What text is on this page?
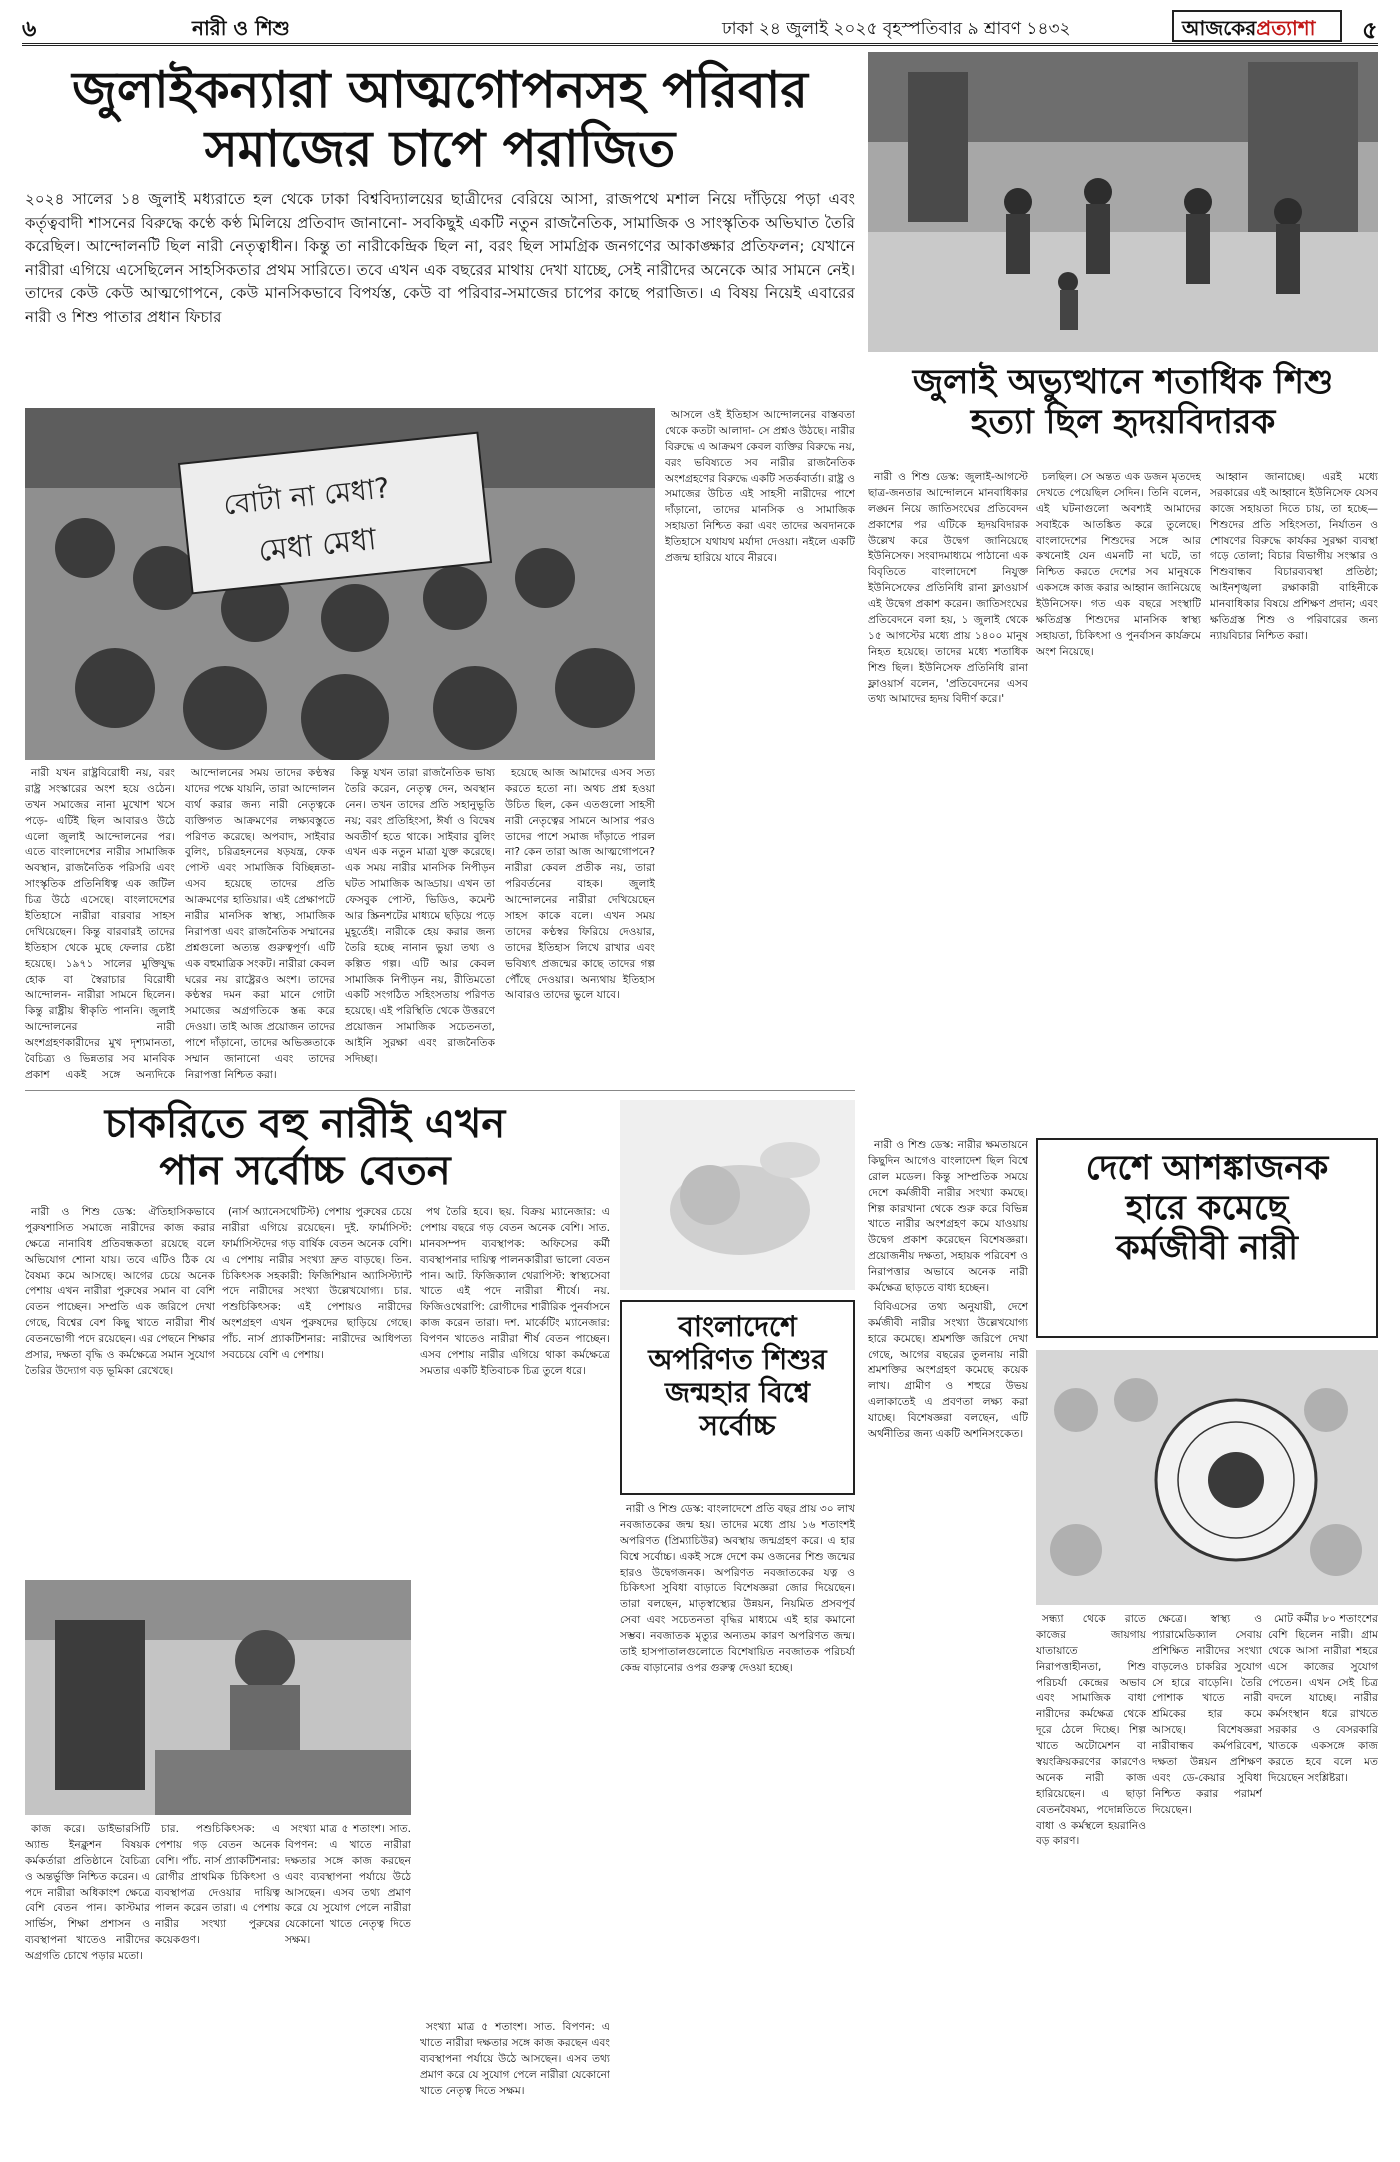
৬	নারী ও শিশু	ঢাকা ২৪ জুলাই ২০২৫ বৃহস্পতিবার ৯ শ্রাবণ ১৪৩২	আজকেরপ্রত্যাশা	৫
জুলাইকন্যারা আত্মগোপনসহ পরিবার
সমাজের চাপে পরাজিত
২০২৪ সালের ১৪ জুলাই মধ্যরাতে হল থেকে ঢাকা বিশ্ববিদ্যালয়ের ছাত্রীদের বেরিয়ে আসা, রাজপথে মশাল নিয়ে দাঁড়িয়ে পড়া এবং কর্তৃত্ববাদী শাসনের বিরুদ্ধে কণ্ঠে কণ্ঠ মিলিয়ে প্রতিবাদ জানানো- সবকিছুই একটি নতুন রাজনৈতিক, সামাজিক ও সাংস্কৃতিক অভিঘাত তৈরি করেছিল। আন্দোলনটি ছিল নারী নেতৃত্বাধীন। কিন্তু তা নারীকেন্দ্রিক ছিল না, বরং ছিল সামগ্রিক জনগণের আকাঙ্ক্ষার প্রতিফলন; যেখানে নারীরা এগিয়ে এসেছিলেন সাহসিকতার প্রথম সারিতে। তবে এখন এক বছরের মাথায় দেখা যাচ্ছে, সেই নারীদের অনেকে আর সামনে নেই। তাদের কেউ কেউ আত্মগোপনে, কেউ মানসিকভাবে বিপর্যস্ত, কেউ বা পরিবার-সমাজের চাপের কাছে পরাজিত। এ বিষয় নিয়েই এবারের নারী ও শিশু পাতার প্রধান ফিচার
জুলাই অভ্যুত্থানে শতাধিক শিশু
হত্যা ছিল হৃদয়বিদারক
বোটা না মেধা?
মেধা মেধা

আসলে ওই ইতিহাস আন্দোলনের বাস্তবতা থেকে কতটা আলাদা- সে প্রশ্নও উঠছে। নারীর বিরুদ্ধে এ আক্রমণ কেবল ব্যক্তির বিরুদ্ধে নয়, বরং ভবিষ্যতে সব নারীর রাজনৈতিক অংশগ্রহণের বিরুদ্ধে একটি সতর্কবার্তা। রাষ্ট্র ও সমাজের উচিত এই সাহসী নারীদের পাশে দাঁড়ানো, তাদের মানসিক ও সামাজিক সহায়তা নিশ্চিত করা এবং তাদের অবদানকে ইতিহাসে যথাযথ মর্যাদা দেওয়া। নইলে একটি প্রজন্ম হারিয়ে যাবে নীরবে।

নারী যখন রাষ্ট্রবিরোধী নয়, বরং রাষ্ট্র সংস্কারের অংশ হয়ে ওঠেন। তখন সমাজের নানা মুখোশ খসে পড়ে- এটিই ছিল আবারও উঠে এলো জুলাই আন্দোলনের পর। এতে বাংলাদেশের নারীর সামাজিক অবস্থান, রাজনৈতিক পরিসরি এবং সাংস্কৃতিক প্রতিনিধিত্ব এক জটিল চিত্র উঠে এসেছে। বাংলাদেশের ইতিহাসে নারীরা বারবার সাহস দেখিয়েছেন। কিন্তু বারবারই তাদের ইতিহাস থেকে মুছে ফেলার চেষ্টা হয়েছে। ১৯৭১ সালের মুক্তিযুদ্ধ হোক বা স্বৈরাচার বিরোধী আন্দোলন- নারীরা সামনে ছিলেন। কিন্তু রাষ্ট্রীয় স্বীকৃতি পাননি। জুলাই আন্দোলনের নারী অংশগ্রহণকারীদের মুখ দৃশ্যমানতা, বৈচিত্র্য ও ভিন্নতার সব মানবিক প্রকাশ একই সঙ্গে অন্যদিকে

আন্দোলনের সময় তাদের কণ্ঠস্বর যাদের পক্ষে যায়নি, তারা আন্দোলন ব্যর্থ করার জন্য নারী নেতৃত্বকে ব্যক্তিগত আক্রমণের লক্ষ্যবস্তুতে পরিণত করেছে। অপবাদ, সাইবার বুলিং, চরিত্রহননের ষড়যন্ত্র, ফেক পোস্ট এবং সামাজিক বিচ্ছিন্নতা- এসব হয়েছে তাদের প্রতি আক্রমণের হাতিয়ার। এই প্রেক্ষাপটে নারীর মানসিক স্বাস্থ্য, সামাজিক নিরাপত্তা এবং রাজনৈতিক সম্মানের প্রশ্নগুলো অত্যন্ত গুরুত্বপূর্ণ। এটি এক বহুমাত্রিক সংকট। নারীরা কেবল ঘরের নয় রাষ্ট্রেরও অংশ। তাদের কণ্ঠস্বর দমন করা মানে গোটা সমাজের অগ্রগতিকে স্তব্ধ করে দেওয়া। তাই আজ প্রয়োজন তাদের পাশে দাঁড়ানো, তাদের অভিজ্ঞতাকে সম্মান জানানো এবং তাদের নিরাপত্তা নিশ্চিত করা।

কিন্তু যখন তারা রাজনৈতিক ভাষ্য তৈরি করেন, নেতৃত্ব দেন, অবস্থান নেন। তখন তাদের প্রতি সহানুভূতি নয়; বরং প্রতিহিংসা, ঈর্ষা ও বিদ্বেষ অবতীর্ণ হতে থাকে। সাইবার বুলিং এখন এক নতুন মাত্রা যুক্ত করেছে। এক সময় নারীর মানসিক নিপীড়ন ঘটত সামাজিক আড্ডায়। এখন তা ফেসবুক পোস্ট, ভিডিও, কমেন্ট আর স্ক্রিনশটের মাধ্যমে ছড়িয়ে পড়ে মুহূর্তেই। নারীকে হেয় করার জন্য তৈরি হচ্ছে নানান ভুয়া তথ্য ও কল্পিত গল্প। এটি আর কেবল সামাজিক নিপীড়ন নয়, রীতিমতো একটি সংগঠিত সহিংসতায় পরিণত হয়েছে। এই পরিস্থিতি থেকে উত্তরণে প্রয়োজন সামাজিক সচেতনতা, আইনি সুরক্ষা এবং রাজনৈতিক সদিচ্ছা।

হয়েছে আজ আমাদের এসব সত্য করতে হতো না। অথচ প্রশ্ন হওয়া উচিত ছিল, কেন এতগুলো সাহসী নারী নেতৃত্বের সামনে আসার পরও তাদের পাশে সমাজ দাঁড়াতে পারল না? কেন তারা আজ আত্মগোপনে? নারীরা কেবল প্রতীক নয়, তারা পরিবর্তনের বাহক। জুলাই আন্দোলনের নারীরা দেখিয়েছেন সাহস কাকে বলে। এখন সময় তাদের কণ্ঠস্বর ফিরিয়ে দেওয়ার, তাদের ইতিহাস লিখে রাখার এবং ভবিষ্যৎ প্রজন্মের কাছে তাদের গল্প পৌঁছে দেওয়ার। অন্যথায় ইতিহাস আবারও তাদের ভুলে যাবে।

নারী ও শিশু ডেস্ক: জুলাই-আগস্টে ছাত্র-জনতার আন্দোলনে মানবাধিকার লঙ্ঘন নিয়ে জাতিসংঘের প্রতিবেদন প্রকাশের পর এটিকে হৃদয়বিদারক উল্লেখ করে উদ্বেগ জানিয়েছে ইউনিসেফ। সংবাদমাধ্যমে পাঠানো এক বিবৃতিতে বাংলাদেশে নিযুক্ত ইউনিসেফের প্রতিনিধি রানা ফ্লাওয়ার্স এই উদ্বেগ প্রকাশ করেন। জাতিসংঘের প্রতিবেদনে বলা হয়, ১ জুলাই থেকে ১৫ আগস্টের মধ্যে প্রায় ১৪০০ মানুষ নিহত হয়েছে। তাদের মধ্যে শতাধিক শিশু ছিল। ইউনিসেফ প্রতিনিধি রানা ফ্লাওয়ার্স বলেন, 'প্রতিবেদনের এসব তথ্য আমাদের হৃদয় বিদীর্ণ করে।'

চলছিল। সে অন্তত এক ডজন মৃতদেহ দেখতে পেয়েছিল সেদিন। তিনি বলেন, এই ঘটনাগুলো অবশ্যই আমাদের সবাইকে আতঙ্কিত করে তুলেছে। বাংলাদেশের শিশুদের সঙ্গে আর কখনোই যেন এমনটি না ঘটে, তা নিশ্চিত করতে দেশের সব মানুষকে একসঙ্গে কাজ করার আহ্বান জানিয়েছে ইউনিসেফ। গত এক বছরে সংস্থাটি ক্ষতিগ্রস্ত শিশুদের মানসিক স্বাস্থ্য সহায়তা, চিকিৎসা ও পুনর্বাসন কার্যক্রমে অংশ নিয়েছে।

আহ্বান জানাচ্ছে। এরই মধ্যে সরকারের এই আহ্বানে ইউনিসেফ যেসব কাজে সহায়তা দিতে চায়, তা হচ্ছে— শিশুদের প্রতি সহিংসতা, নির্যাতন ও শোষণের বিরুদ্ধে কার্যকর সুরক্ষা ব্যবস্থা গড়ে তোলা; বিচার বিভাগীয় সংস্কার ও শিশুবান্ধব বিচারব্যবস্থা প্রতিষ্ঠা; আইনশৃঙ্খলা রক্ষাকারী বাহিনীকে মানবাধিকার বিষয়ে প্রশিক্ষণ প্রদান; এবং ক্ষতিগ্রস্ত শিশু ও পরিবারের জন্য ন্যায়বিচার নিশ্চিত করা।

চাকরিতে বহু নারীই এখন
পান সর্বোচ্চ বেতন
বাংলাদেশে
অপরিণত শিশুর
জন্মহার বিশ্বে
সর্বোচ্চ

নারী ও শিশু ডেস্ক: বাংলাদেশে প্রতি বছর প্রায় ৩০ লাখ নবজাতকের জন্ম হয়। তাদের মধ্যে প্রায় ১৬ শতাংশই অপরিণত (প্রিম্যাচিউর) অবস্থায় জন্মগ্রহণ করে। এ হার বিশ্বে সর্বোচ্চ। একই সঙ্গে দেশে কম ওজনের শিশু জন্মের হারও উদ্বেগজনক। অপরিণত নবজাতকের যত্ন ও চিকিৎসা সুবিধা বাড়াতে বিশেষজ্ঞরা জোর দিয়েছেন। তারা বলছেন, মাতৃস্বাস্থ্যের উন্নয়ন, নিয়মিত প্রসবপূর্ব সেবা এবং সচেতনতা বৃদ্ধির মাধ্যমে এই হার কমানো সম্ভব। নবজাতক মৃত্যুর অন্যতম কারণ অপরিণত জন্ম। তাই হাসপাতালগুলোতে বিশেষায়িত নবজাতক পরিচর্যা কেন্দ্র বাড়ানোর ওপর গুরুত্ব দেওয়া হচ্ছে।

নারী ও শিশু ডেস্ক: ঐতিহাসিকভাবে পুরুষশাসিত সমাজে নারীদের কাজ করার ক্ষেত্রে নানাবিধ প্রতিবন্ধকতা রয়েছে বলে অভিযোগ শোনা যায়। তবে এটিও ঠিক যে বৈষম্য কমে আসছে। আগের চেয়ে অনেক পেশায় এখন নারীরা পুরুষের সমান বা বেশি বেতন পাচ্ছেন। সম্প্রতি এক জরিপে দেখা গেছে, বিশ্বের বেশ কিছু খাতে নারীরা শীর্ষ বেতনভোগী পদে রয়েছেন। এর পেছনে শিক্ষার প্রসার, দক্ষতা বৃদ্ধি ও কর্মক্ষেত্রে সমান সুযোগ তৈরির উদ্যোগ বড় ভূমিকা রেখেছে।

(নার্স অ্যানেসথেটিস্ট) পেশায় পুরুষের চেয়ে নারীরা এগিয়ে রয়েছেন। দুই. ফার্মাসিস্ট: ফার্মাসিস্টদের গড় বার্ষিক বেতন অনেক বেশি। এ পেশায় নারীর সংখ্যা দ্রুত বাড়ছে। তিন. চিকিৎসক সহকারী: ফিজিশিয়ান অ্যাসিস্ট্যান্ট পদে নারীদের সংখ্যা উল্লেখযোগ্য। চার. পশুচিকিৎসক: এই পেশায়ও নারীদের অংশগ্রহণ এখন পুরুষদের ছাড়িয়ে গেছে। পাঁচ. নার্স প্র্যাকটিশনার: নারীদের আধিপত্য সবচেয়ে বেশি এ পেশায়।

পথ তৈরি হবে। ছয়. বিক্রয় ম্যানেজার: এ পেশায় বছরে গড় বেতন অনেক বেশি। সাত. মানবসম্পদ ব্যবস্থাপক: অফিসের কর্মী ব্যবস্থাপনার দায়িত্ব পালনকারীরা ভালো বেতন পান। আট. ফিজিক্যাল থেরাপিস্ট: স্বাস্থ্যসেবা খাতে এই পদে নারীরা শীর্ষে। নয়. ফিজিওথেরাপি: রোগীদের শারীরিক পুনর্বাসনে কাজ করেন তারা। দশ. মার্কেটিং ম্যানেজার: বিপণন খাতেও নারীরা শীর্ষ বেতন পাচ্ছেন। এসব পেশায় নারীর এগিয়ে থাকা কর্মক্ষেত্রে সমতার একটি ইতিবাচক চিত্র তুলে ধরে।

কাজ করে। ডাইভারসিটি অ্যান্ড ইনক্লুশন বিষয়ক কর্মকর্তারা প্রতিষ্ঠানে বৈচিত্র্য ও অন্তর্ভুক্তি নিশ্চিত করেন। এ পদে নারীরা অধিকাংশ ক্ষেত্রে বেশি বেতন পান। কাস্টমার সার্ভিস, শিক্ষা প্রশাসন ও ব্যবস্থাপনা খাতেও নারীদের অগ্রগতি চোখে পড়ার মতো।

চার. পশুচিকিৎসক: এ পেশায় গড় বেতন অনেক বেশি। পাঁচ. নার্স প্র্যাকটিশনার: রোগীর প্রাথমিক চিকিৎসা ও ব্যবস্থাপত্র দেওয়ার দায়িত্ব পালন করেন তারা। এ পেশায় নারীর সংখ্যা পুরুষের কয়েকগুণ।

সংখ্যা মাত্র ৫ শতাংশ। সাত. বিপণন: এ খাতে নারীরা দক্ষতার সঙ্গে কাজ করছেন এবং ব্যবস্থাপনা পর্যায়ে উঠে আসছেন। এসব তথ্য প্রমাণ করে যে সুযোগ পেলে নারীরা যেকোনো খাতে নেতৃত্ব দিতে সক্ষম।

সংখ্যা মাত্র ৫ শতাংশ। সাত. বিপণন: এ খাতে নারীরা দক্ষতার সঙ্গে কাজ করছেন এবং ব্যবস্থাপনা পর্যায়ে উঠে আসছেন। এসব তথ্য প্রমাণ করে যে সুযোগ পেলে নারীরা যেকোনো খাতে নেতৃত্ব দিতে সক্ষম।

নারী ও শিশু ডেস্ক: নারীর ক্ষমতায়নে কিছুদিন আগেও বাংলাদেশ ছিল বিশ্বে রোল মডেল। কিন্তু সাম্প্রতিক সময়ে দেশে কর্মজীবী নারীর সংখ্যা কমছে। শিল্প কারখানা থেকে শুরু করে বিভিন্ন খাতে নারীর অংশগ্রহণ কমে যাওয়ায় উদ্বেগ প্রকাশ করেছেন বিশেষজ্ঞরা। প্রয়োজনীয় দক্ষতা, সহায়ক পরিবেশ ও নিরাপত্তার অভাবে অনেক নারী কর্মক্ষেত্র ছাড়তে বাধ্য হচ্ছেন।

বিবিএসের তথ্য অনুযায়ী, দেশে কর্মজীবী নারীর সংখ্যা উল্লেখযোগ্য হারে কমেছে। শ্রমশক্তি জরিপে দেখা গেছে, আগের বছরের তুলনায় নারী শ্রমশক্তির অংশগ্রহণ কমেছে কয়েক লাখ। গ্রামীণ ও শহুরে উভয় এলাকাতেই এ প্রবণতা লক্ষ্য করা যাচ্ছে। বিশেষজ্ঞরা বলছেন, এটি অর্থনীতির জন্য একটি অশনিসংকেত।

দেশে আশঙ্কাজনক
হারে কমেছে
কর্মজীবী নারী

সন্ধ্যা থেকে রাতে কাজের জায়গায় যাতায়াতে নিরাপত্তাহীনতা, শিশু পরিচর্যা কেন্দ্রের অভাব এবং সামাজিক বাধা নারীদের কর্মক্ষেত্র থেকে দূরে ঠেলে দিচ্ছে। শিল্প খাতে অটোমেশন বা স্বয়ংক্রিয়করণের কারণেও অনেক নারী কাজ হারিয়েছেন। এ ছাড়া বেতনবৈষম্য, পদোন্নতিতে বাধা ও কর্মস্থলে হয়রানিও বড় কারণ।

ক্ষেত্রে। স্বাস্থ্য ও প্যারামেডিক্যাল সেবায় প্রশিক্ষিত নারীদের সংখ্যা বাড়লেও চাকরির সুযোগ সে হারে বাড়েনি। তৈরি পোশাক খাতে নারী শ্রমিকের হার কমে আসছে। বিশেষজ্ঞরা নারীবান্ধব কর্মপরিবেশ, দক্ষতা উন্নয়ন প্রশিক্ষণ এবং ডে-কেয়ার সুবিধা নিশ্চিত করার পরামর্শ দিয়েছেন।

মোট কর্মীর ৮০ শতাংশের বেশি ছিলেন নারী। গ্রাম থেকে আসা নারীরা শহরে এসে কাজের সুযোগ পেতেন। এখন সেই চিত্র বদলে যাচ্ছে। নারীর কর্মসংস্থান ধরে রাখতে সরকার ও বেসরকারি খাতকে একসঙ্গে কাজ করতে হবে বলে মত দিয়েছেন সংশ্লিষ্টরা।
